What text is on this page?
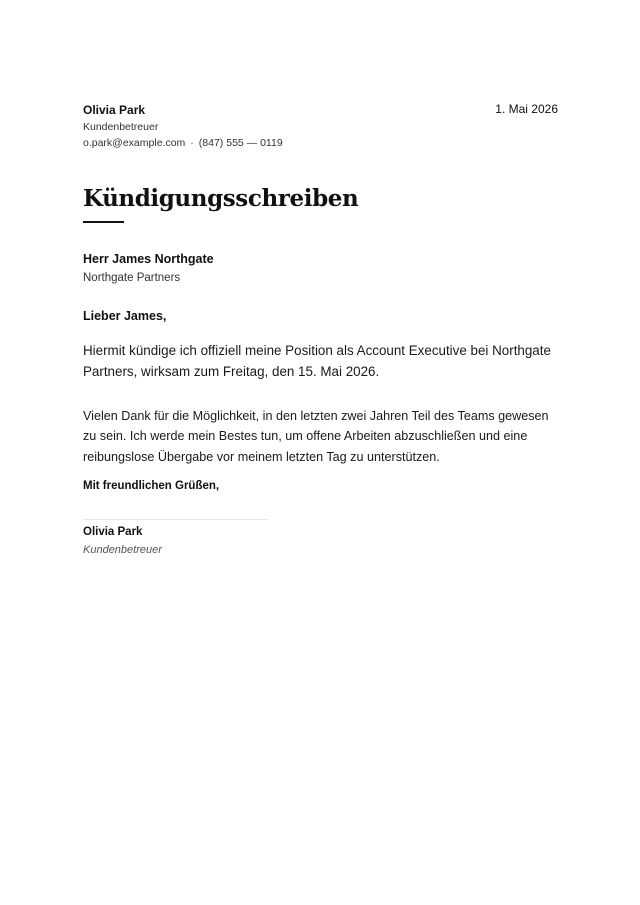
Olivia Park
Kundenbetreuer
o.park@example.com · (847) 555 — 0119
1. Mai 2026
Kündigungsschreiben
Herr James Northgate
Northgate Partners
Lieber James,
Hiermit kündige ich offiziell meine Position als Account Executive bei Northgate Partners, wirksam zum Freitag, den 15. Mai 2026.
Vielen Dank für die Möglichkeit, in den letzten zwei Jahren Teil des Teams gewesen zu sein. Ich werde mein Bestes tun, um offene Arbeiten abzuschließen und eine reibungslose Übergabe vor meinem letzten Tag zu unterstützen.
Mit freundlichen Grüßen,
Olivia Park
Kundenbetreuer
